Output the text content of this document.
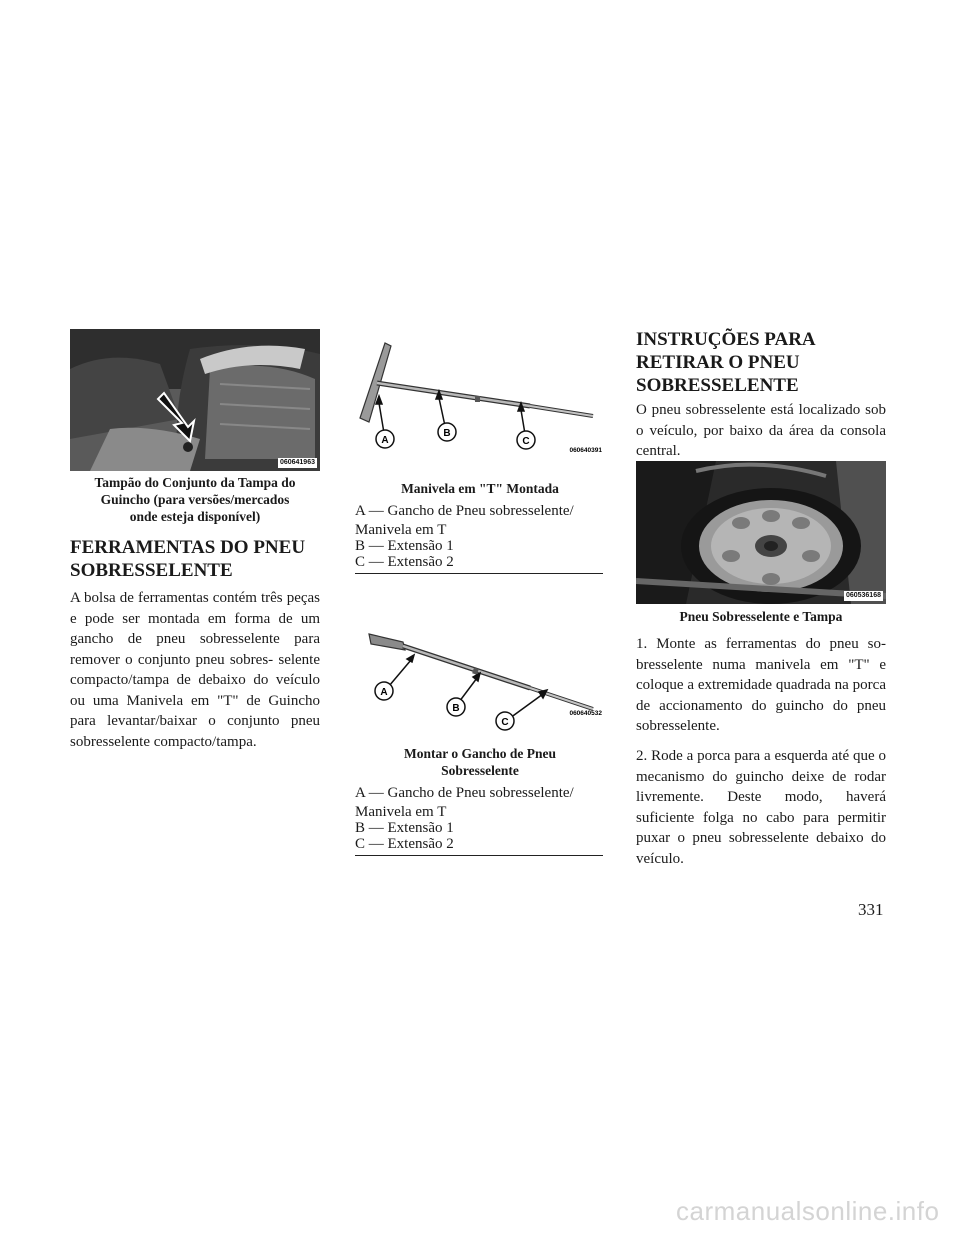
060641963
Tampão do Conjunto da Tampa do
Guincho (para versões/mercados
onde esteja disponível)
FERRAMENTAS DO PNEU
SOBRESSELENTE

A bolsa de ferramentas contém três peças e pode ser montada em forma de um gancho de pneu sobresselente para remover o conjunto pneu sobres- selente compacto/tampa de debaixo do veículo ou uma Manivela em "T" de Guincho para levantar/baixar o conjunto pneu sobresselente compacto/tampa.

A
B
C
060640391
Manivela em "T" Montada
A — Gancho de Pneu sobresselente/
Manivela em T
B — Extensão 1
C — Extensão 2
A
B
C
060640532
Montar o Gancho de Pneu
Sobresselente
A — Gancho de Pneu sobresselente/
Manivela em T
B — Extensão 1
C — Extensão 2
INSTRUÇÕES PARA
RETIRAR O PNEU
SOBRESSELENTE

O pneu sobresselente está localizado sob o veículo, por baixo da área da consola central.

060536168
Pneu Sobresselente e Tampa

1. Monte as ferramentas do pneu so- bresselente numa manivela em "T" e coloque a extremidade quadrada na porca de accionamento do guincho do pneu sobresselente.

2. Rode a porca para a esquerda até que o mecanismo do guincho deixe de rodar livremente. Deste modo, haverá suficiente folga no cabo para permitir puxar o pneu sobresselente debaixo do veículo.

331
carmanualsonline.info
